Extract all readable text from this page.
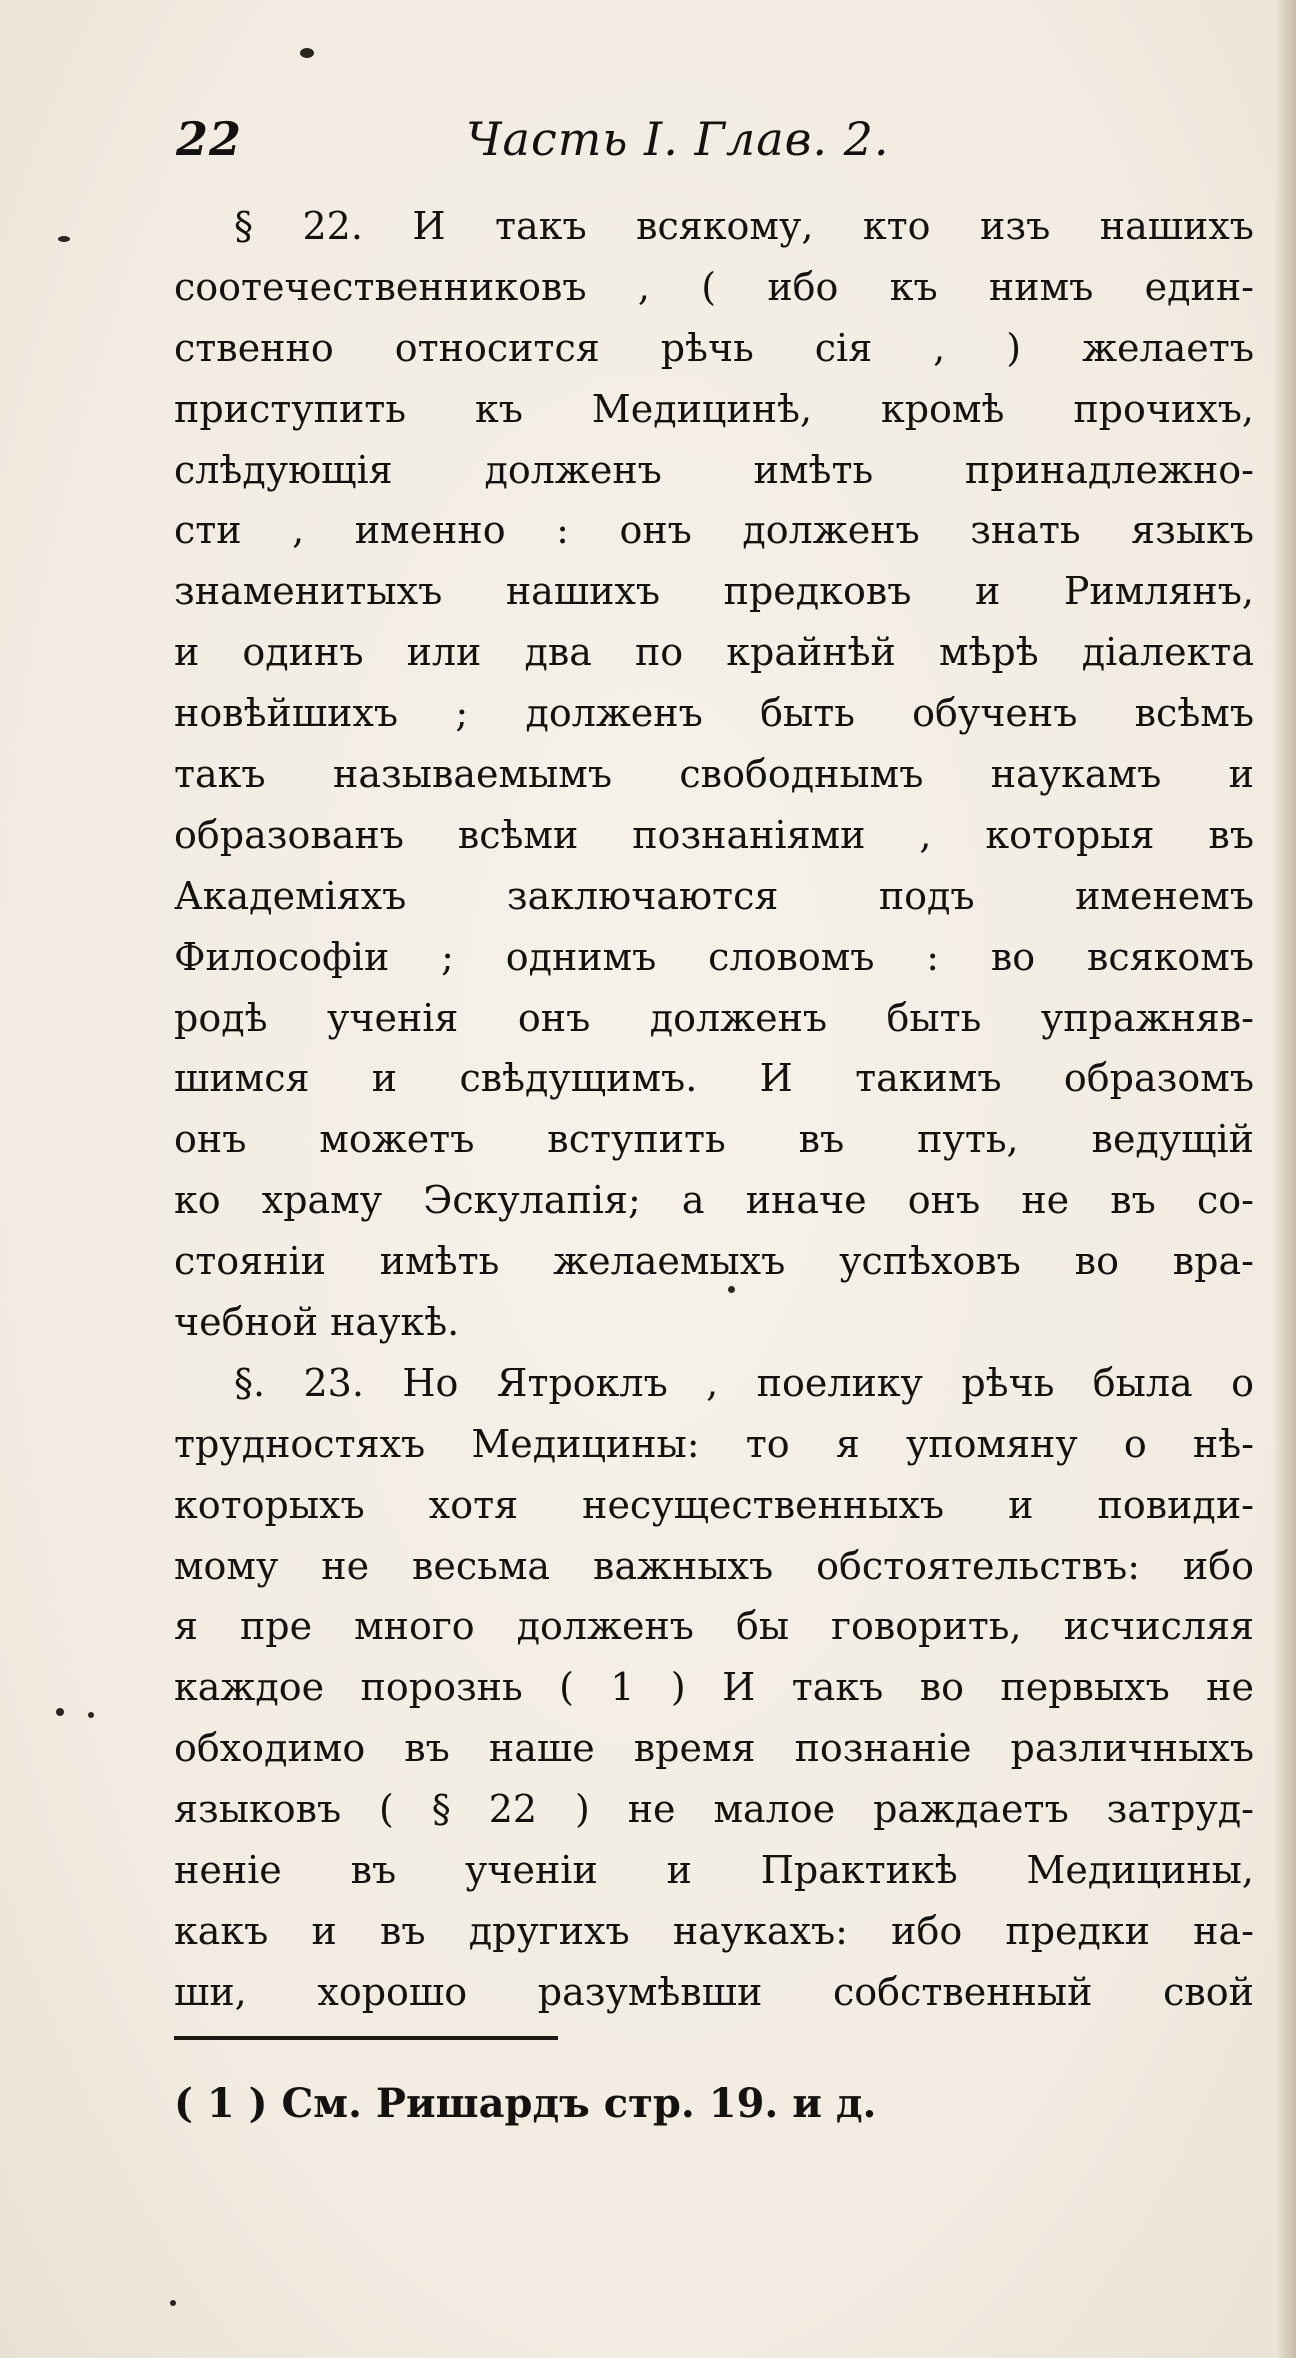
22	Часть I. Глав. 2.
§ 22. И такъ всякому, кто изъ нашихъ
соотечественниковъ , ( ибо къ нимъ един-
ственно относится рѣчь сія , ) желаетъ
приступить къ Медицинѣ, кромѣ прочихъ,
слѣдующія долженъ имѣть принадлежно-
сти , именно : онъ долженъ знать языкъ
знаменитыхъ нашихъ предковъ и Римлянъ,
и одинъ или два по крайнѣй мѣрѣ діалекта
новѣйшихъ ; долженъ быть обученъ всѣмъ
такъ называемымъ свободнымъ наукамъ и
образованъ всѣми познаніями , которыя въ
Академіяхъ заключаются подъ именемъ
Философіи ; однимъ словомъ : во всякомъ
родѣ ученія онъ долженъ быть упражняв-
шимся и свѣдущимъ. И такимъ образомъ
онъ можетъ вступить въ путь, ведущій
ко храму Эскулапія; а иначе онъ не въ со-
стояніи имѣть желаемыхъ успѣховъ во вра-
чебной наукѣ.
§. 23. Но Ятроклъ , поелику рѣчь была о
трудностяхъ Медицины: то я упомяну о нѣ-
которыхъ хотя несущественныхъ и повиди-
мому не весьма важныхъ обстоятельствъ: ибо
я пре много долженъ бы говорить, исчисляя
каждое порознь ( 1 ) И такъ во первыхъ не
обходимо въ наше время познаніе различныхъ
языковъ ( § 22 ) не малое раждаетъ затруд-
неніе въ ученіи и Практикѣ Медицины,
какъ и въ другихъ наукахъ: ибо предки на-
ши, хорошо разумѣвши собственный свой
( 1 ) См. Ришардъ стр. 19. и д.
